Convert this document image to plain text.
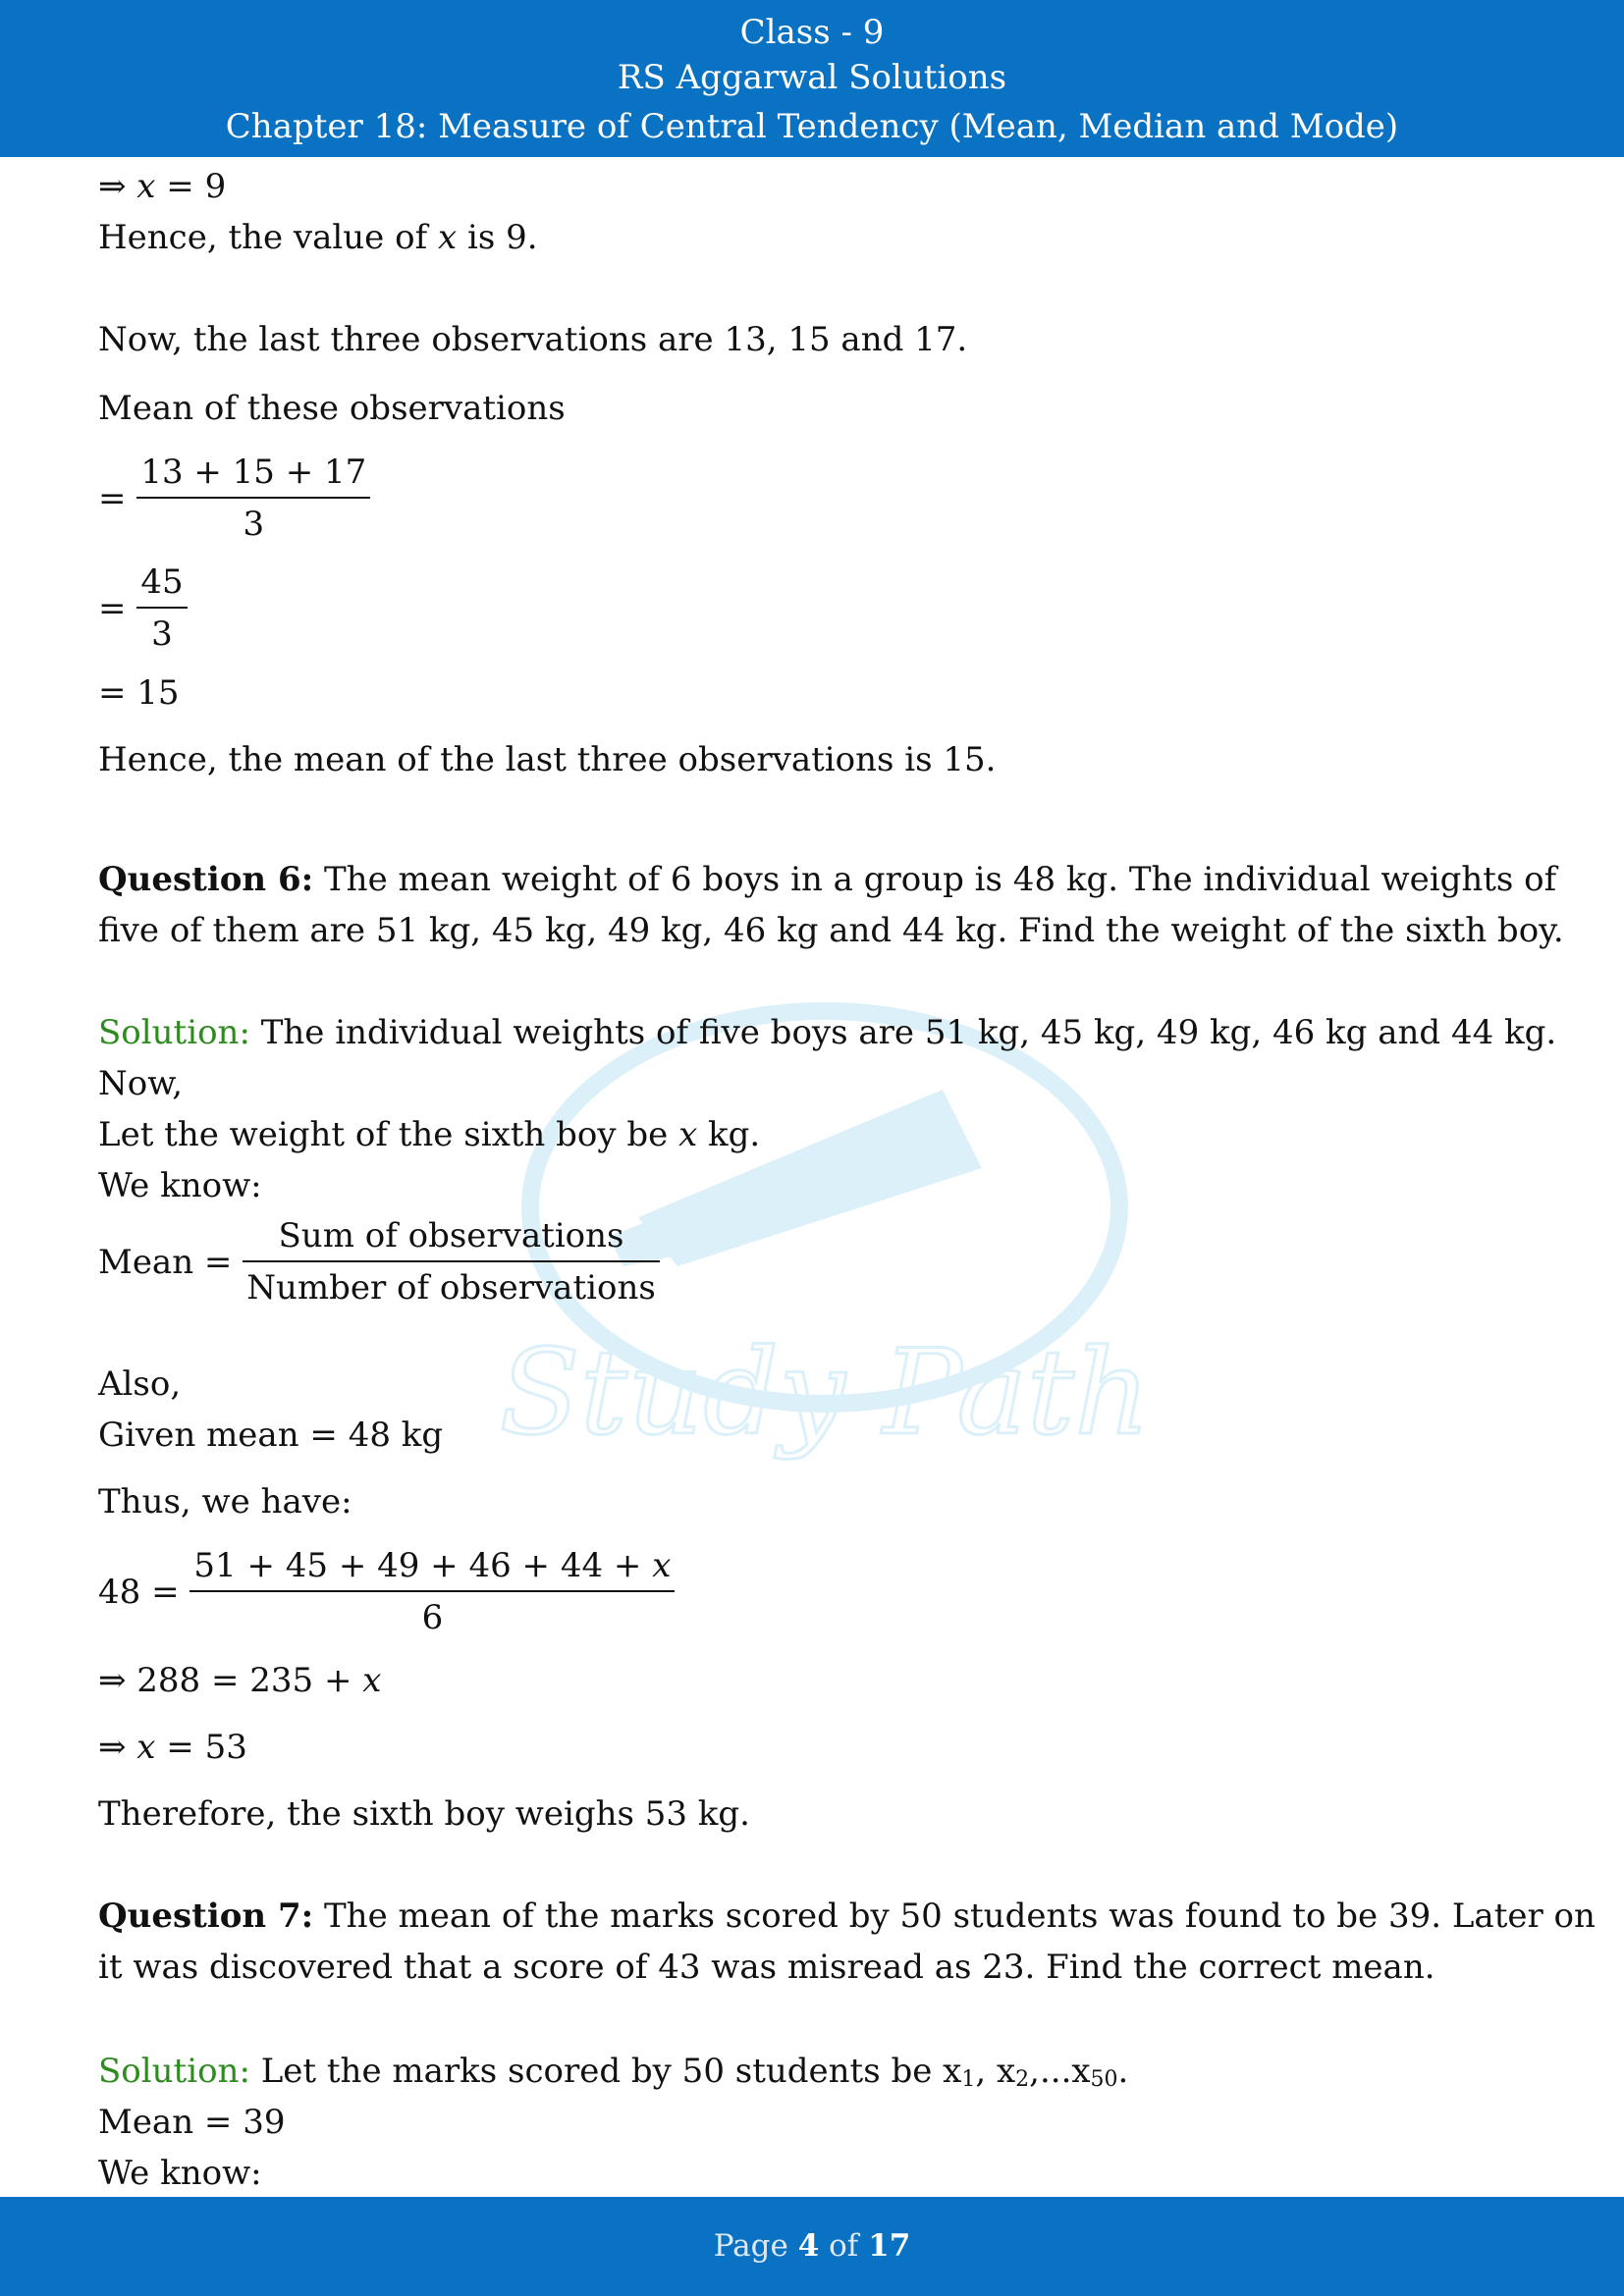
Class - 9
RS Aggarwal Solutions
Chapter 18: Measure of Central Tendency (Mean, Median and Mode)
Study Path
⇒ 𝑥 = 9
Hence, the value of x is 9.
Now, the last three observations are 13, 15 and 17.
Mean of these observations
= $\frac{13 + 15 + 17}{3}$
= $\frac{45}{3}$
= 15
Hence, the mean of the last three observations is 15.
Question 6: The mean weight of 6 boys in a group is 48 kg. The individual weights of
five of them are 51 kg, 45 kg, 49 kg, 46 kg and 44 kg. Find the weight of the sixth boy.
Solution: The individual weights of five boys are 51 kg, 45 kg, 49 kg, 46 kg and 44 kg.
Now,
Let the weight of the sixth boy be x kg.
We know:
Mean = $\frac{\text{Sum of observations}}{\text{Number of observations}}$
Also,
Given mean = 48 kg
Thus, we have:
$48 = \frac{\text{51 + 45 + 49 + 46 + 44 + 𝑥}}{6}$
⇒ 288 = 235 + 𝑥
⇒ 𝑥 = 53
Therefore, the sixth boy weighs 53 kg.
Question 7: The mean of the marks scored by 50 students was found to be 39. Later on
it was discovered that a score of 43 was misread as 23. Find the correct mean.
Solution: Let the marks scored by 50 students be $x_1$, $x_2,...x_{50}$.
Mean = 39
We know:
Page 4 of 17
